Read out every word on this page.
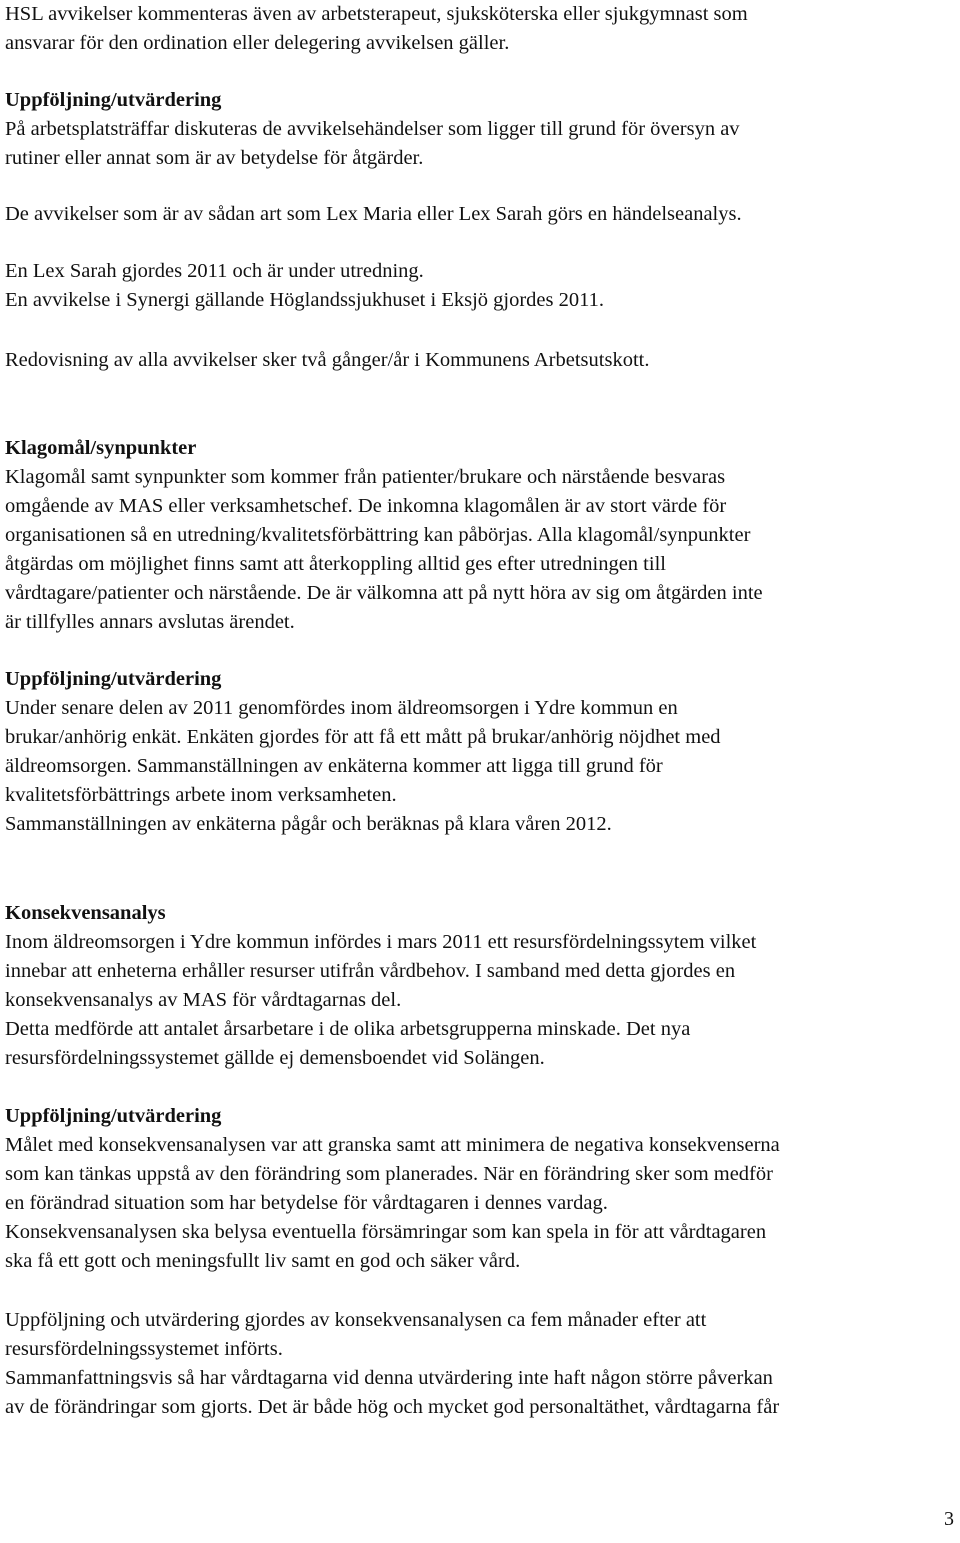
HSL avvikelser kommenteras även av arbetsterapeut, sjuksköterska eller sjukgymnast som
ansvarar för den ordination eller delegering avvikelsen gäller.
Uppföljning/utvärdering
På arbetsplatsträffar diskuteras de avvikelsehändelser som ligger till grund för översyn av
rutiner eller annat som är av betydelse för åtgärder.
De avvikelser som är av sådan art som Lex Maria eller Lex Sarah görs en händelseanalys.
En Lex Sarah gjordes 2011 och är under utredning.
En avvikelse i Synergi gällande Höglandssjukhuset i Eksjö gjordes 2011.
Redovisning av alla avvikelser sker två gånger/år i Kommunens Arbetsutskott.
Klagomål/synpunkter
Klagomål samt synpunkter som kommer från patienter/brukare och närstående besvaras
omgående av MAS eller verksamhetschef. De inkomna klagomålen är av stort värde för
organisationen så en utredning/kvalitetsförbättring kan påbörjas. Alla klagomål/synpunkter
åtgärdas om möjlighet finns samt att återkoppling alltid ges efter utredningen till
vårdtagare/patienter och närstående. De är välkomna att på nytt höra av sig om åtgärden inte
är tillfylles annars avslutas ärendet.
Uppföljning/utvärdering
Under senare delen av 2011 genomfördes inom äldreomsorgen i Ydre kommun en
brukar/anhörig enkät. Enkäten gjordes för att få ett mått på brukar/anhörig nöjdhet med
äldreomsorgen. Sammanställningen av enkäterna kommer att ligga till grund för
kvalitetsförbättrings arbete inom verksamheten.
Sammanställningen av enkäterna pågår och beräknas på klara våren 2012.
Konsekvensanalys
Inom äldreomsorgen i Ydre kommun infördes i mars 2011 ett resursfördelningssytem vilket
innebar att enheterna erhåller resurser utifrån vårdbehov. I samband med detta gjordes en
konsekvensanalys av MAS för vårdtagarnas del.
Detta medförde att antalet årsarbetare i de olika arbetsgrupperna minskade. Det nya
resursfördelningssystemet gällde ej demensboendet vid Solängen.
Uppföljning/utvärdering
Målet med konsekvensanalysen var att granska samt att minimera de negativa konsekvenserna
som kan tänkas uppstå av den förändring som planerades. När en förändring sker som medför
en förändrad situation som har betydelse för vårdtagaren i dennes vardag.
Konsekvensanalysen ska belysa eventuella försämringar som kan spela in för att vårdtagaren
ska få ett gott och meningsfullt liv samt en god och säker vård.
Uppföljning och utvärdering gjordes av konsekvensanalysen ca fem månader efter att
resursfördelningssystemet införts.
Sammanfattningsvis så har vårdtagarna vid denna utvärdering inte haft någon större påverkan
av de förändringar som gjorts. Det är både hög och mycket god personaltäthet, vårdtagarna får
3
